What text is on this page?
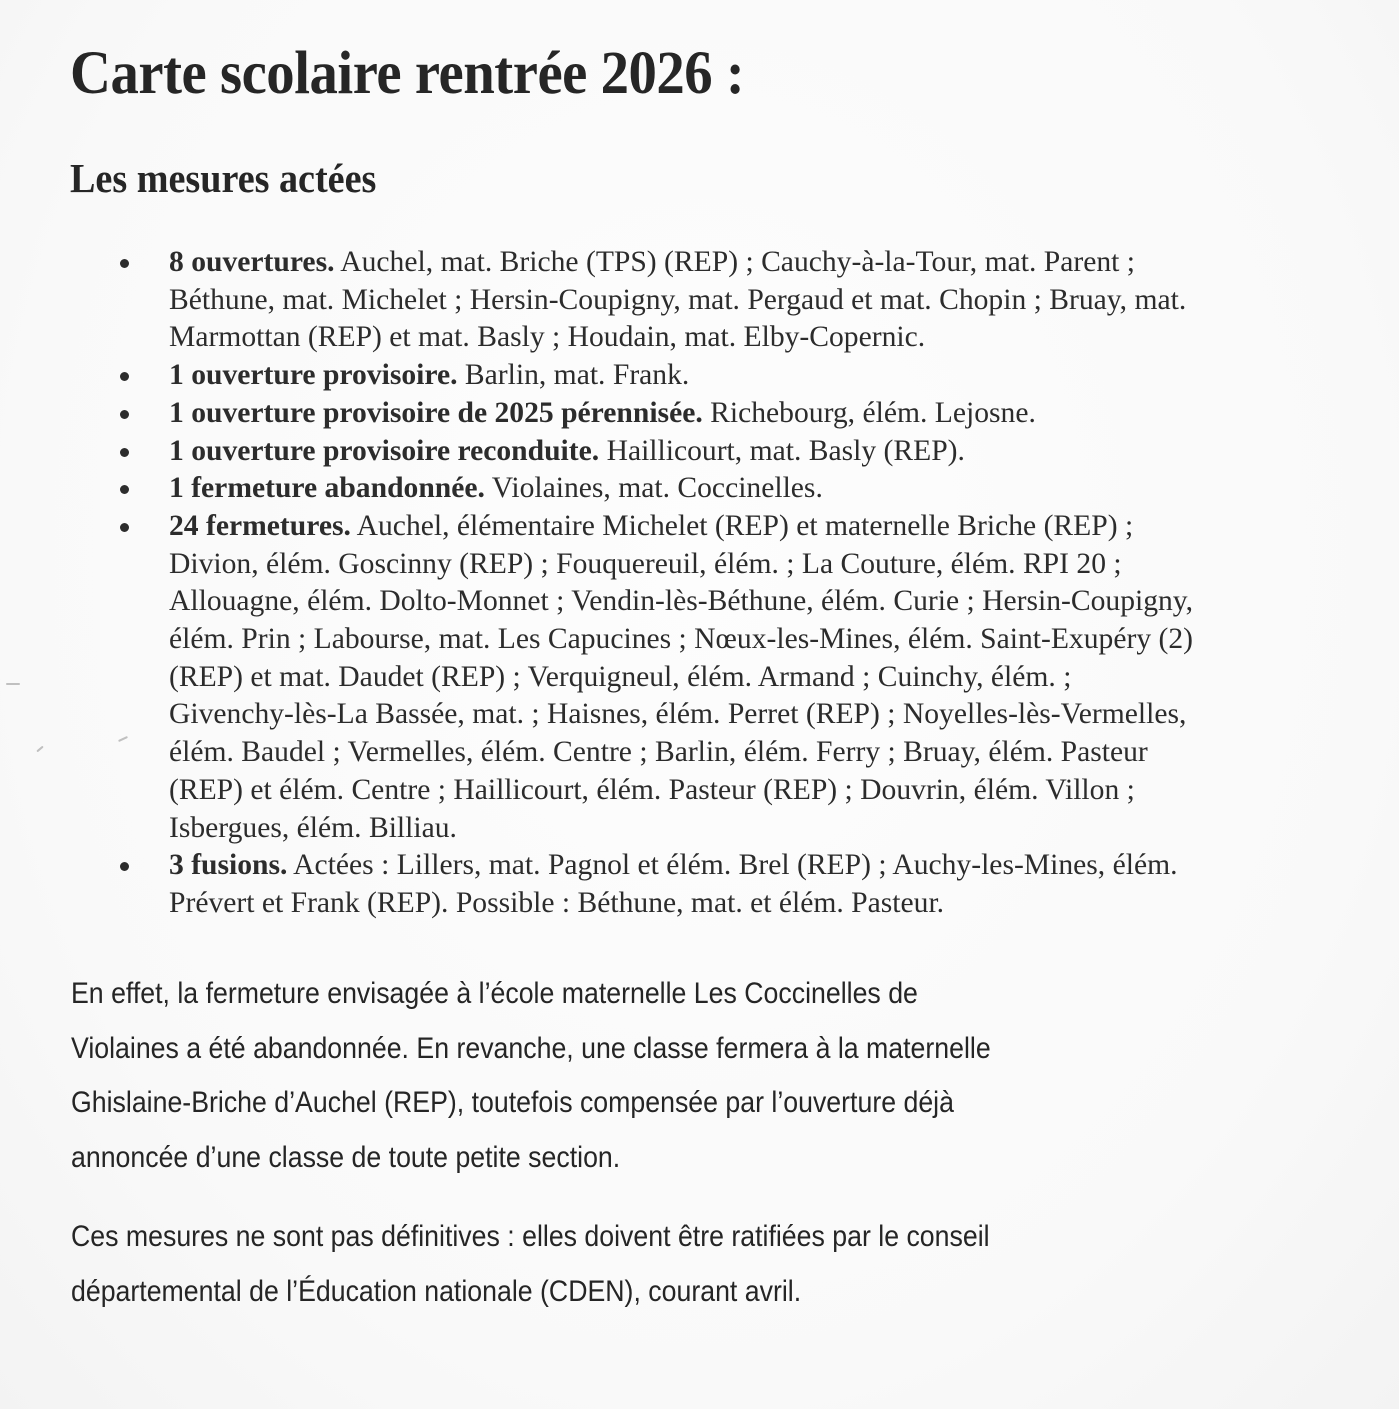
Carte scolaire rentrée 2026 :
Les mesures actées
8 ouvertures. Auchel, mat. Briche (TPS) (REP) ; Cauchy-à-la-Tour, mat. Parent ;
Béthune, mat. Michelet ; Hersin-Coupigny, mat. Pergaud et mat. Chopin ; Bruay, mat.
Marmottan (REP) et mat. Basly ; Houdain, mat. Elby-Copernic.
1 ouverture provisoire. Barlin, mat. Frank.
1 ouverture provisoire de 2025 pérennisée. Richebourg, élém. Lejosne.
1 ouverture provisoire reconduite. Haillicourt, mat. Basly (REP).
1 fermeture abandonnée. Violaines, mat. Coccinelles.
24 fermetures. Auchel, élémentaire Michelet (REP) et maternelle Briche (REP) ;
Divion, élém. Goscinny (REP) ; Fouquereuil, élém. ; La Couture, élém. RPI 20 ;
Allouagne, élém. Dolto-Monnet ; Vendin-lès-Béthune, élém. Curie ; Hersin-Coupigny,
élém. Prin ; Labourse, mat. Les Capucines ; Nœux-les-Mines, élém. Saint-Exupéry (2)
(REP) et mat. Daudet (REP) ; Verquigneul, élém. Armand ; Cuinchy, élém. ;
Givenchy-lès-La Bassée, mat. ; Haisnes, élém. Perret (REP) ; Noyelles-lès-Vermelles,
élém. Baudel ; Vermelles, élém. Centre ; Barlin, élém. Ferry ; Bruay, élém. Pasteur
(REP) et élém. Centre ; Haillicourt, élém. Pasteur (REP) ; Douvrin, élém. Villon ;
Isbergues, élém. Billiau.
3 fusions. Actées : Lillers, mat. Pagnol et élém. Brel (REP) ; Auchy-les-Mines, élém.
Prévert et Frank (REP). Possible : Béthune, mat. et élém. Pasteur.

En effet, la fermeture envisagée à l’école maternelle Les Coccinelles de
Violaines a été abandonnée. En revanche, une classe fermera à la maternelle
Ghislaine-Briche d’Auchel (REP), toutefois compensée par l’ouverture déjà
annoncée d’une classe de toute petite section.

Ces mesures ne sont pas définitives : elles doivent être ratifiées par le conseil
départemental de l’Éducation nationale (CDEN), courant avril.
